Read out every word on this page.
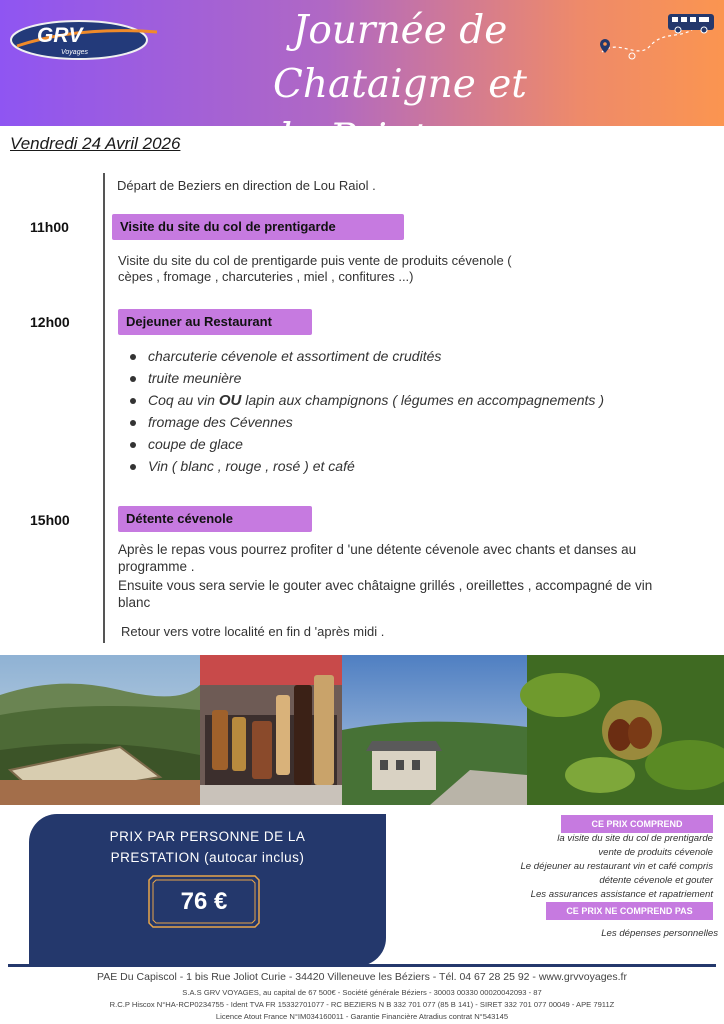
GRV
Voyages	Journée de Chataigne et
du Printemps
Vendredi 24 Avril 2026
Départ de Beziers en direction de Lou Raiol .
11h00	Visite du site du col de prentigarde
Visite du site du col de prentigarde puis vente de produits cévenole (
cèpes , fromage , charcuteries , miel , confitures ...)
12h00	Dejeuner au Restaurant
charcuterie cévenole et assortiment de crudités
truite meunière
Coq au vin OU lapin aux champignons ( légumes en accompagnements )
fromage des Cévennes
coupe de glace
Vin ( blanc , rouge , rosé ) et café
15h00	Détente cévenole
Après le repas vous pourrez profiter d 'une détente cévenole avec chants et danses au
programme .
Ensuite vous sera servie le gouter avec châtaigne grillés , oreillettes , accompagné de vin
blanc
Retour vers votre localité en fin d 'après midi .
PRIX PAR PERSONNE DE LA
PRESTATION (autocar inclus)
76 €
CE PRIX COMPREND
la visite du site du col de prentigarde
vente de produits cévenole
Le déjeuner au restaurant vin et café compris
détente cévenole et gouter
Les assurances assistance et rapatriement
CE PRIX NE COMPREND PAS
Les dépenses personnelles
PAE Du Capiscol - 1 bis Rue Joliot Curie - 34420 Villeneuve les Béziers - Tél. 04 67 28 25 92 - www.grvvoyages.fr
S.A.S GRV VOYAGES, au capital de 67 500€ - Société générale Béziers - 30003 00330 00020042093 - 87
R.C.P Hiscox N°HA-RCP0234755 - Ident TVA FR 15332701077 - RC BEZIERS N B 332 701 077 (85 B 141) - SIRET 332 701 077 00049 - APE 7911Z
Licence Atout France N°IM034160011 - Garantie Financière Atradius contrat N°543145
